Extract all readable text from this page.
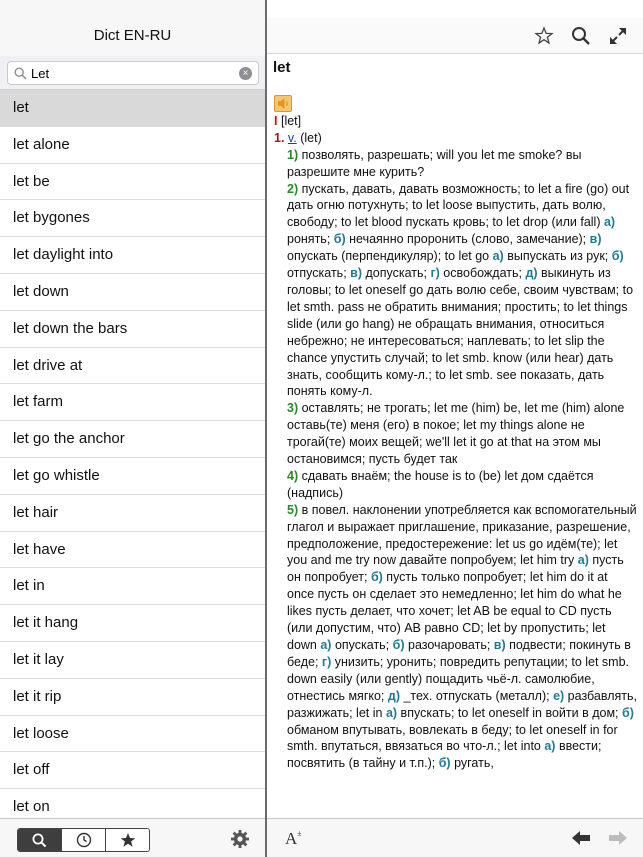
Dict EN-RU
Let
×
let
let alone
let be
let bygones
let daylight into
let down
let down the bars
let drive at
let farm
let go the anchor
let go whistle
let hair
let have
let in
let it hang
let it lay
let it rip
let loose
let off
let on
let
I [let]
1. v. (let)
1) позволять, разрешать; will you let me smoke? вы разрешите мне курить?
2) пускать, давать, давать возможность; to let a fire (go) out дать огню потухнуть; to let loose выпустить, дать волю, свободу; to let blood пускать кровь; to let drop (или fall) а) ронять; б) нечаянно проронить (слово, замечание); в) опускать (перпендикуляр); to let go а) выпускать из рук; б) отпускать; в) допускать; г) освобождать; д) выкинуть из головы; to let oneself go дать волю себе, своим чувствам; to let smth. pass не обратить внимания; простить; to let things slide (или go hang) не обращать внимания, относиться небрежно; не интересоваться; наплевать; to let slip the chance упустить случай; to let smb. know (или hear) дать знать, сообщить кому-л.; to let smb. see показать, дать понять кому-л.
3) оставлять; не трогать; let me (him) be, let me (him) alone оставь(те) меня (его) в покое; let my things alone не трогай(те) моих вещей; we'll let it go at that на этом мы остановимся; пусть будет так
4) сдавать внаём; the house is to (be) let дом сдаётся (надпись)
5) в повел. наклонении употребляется как вспомогательный глагол и выражает приглашение, приказание, разрешение, предположение, предостережение: let us go идём(те); let you and me try now давайте попробуем; let him try а) пусть он попробует; б) пусть только попробует; let him do it at once пусть он сделает это немедленно; let him do what he likes пусть делает, что хочет; let AB be equal to CD пусть (или допустим, что) AB равно CD; let by пропустить; let down а) опускать; б) разочаровать; в) подвести; покинуть в беде; г) унизить; уронить; повредить репутации; to let smb. down easily (или gently) пощадить чьё-л. самолюбие, отнестись мягко; д) _тех. отпускать (металл); е) разбавлять, разжижать; let in а) впускать; to let oneself in войти в дом; б) обманом впутывать, вовлекать в беду; to let oneself in for smth. впутаться, ввязаться во что-л.; let into а) ввести; посвятить (в тайну и т.п.); б) ругать,
A±
